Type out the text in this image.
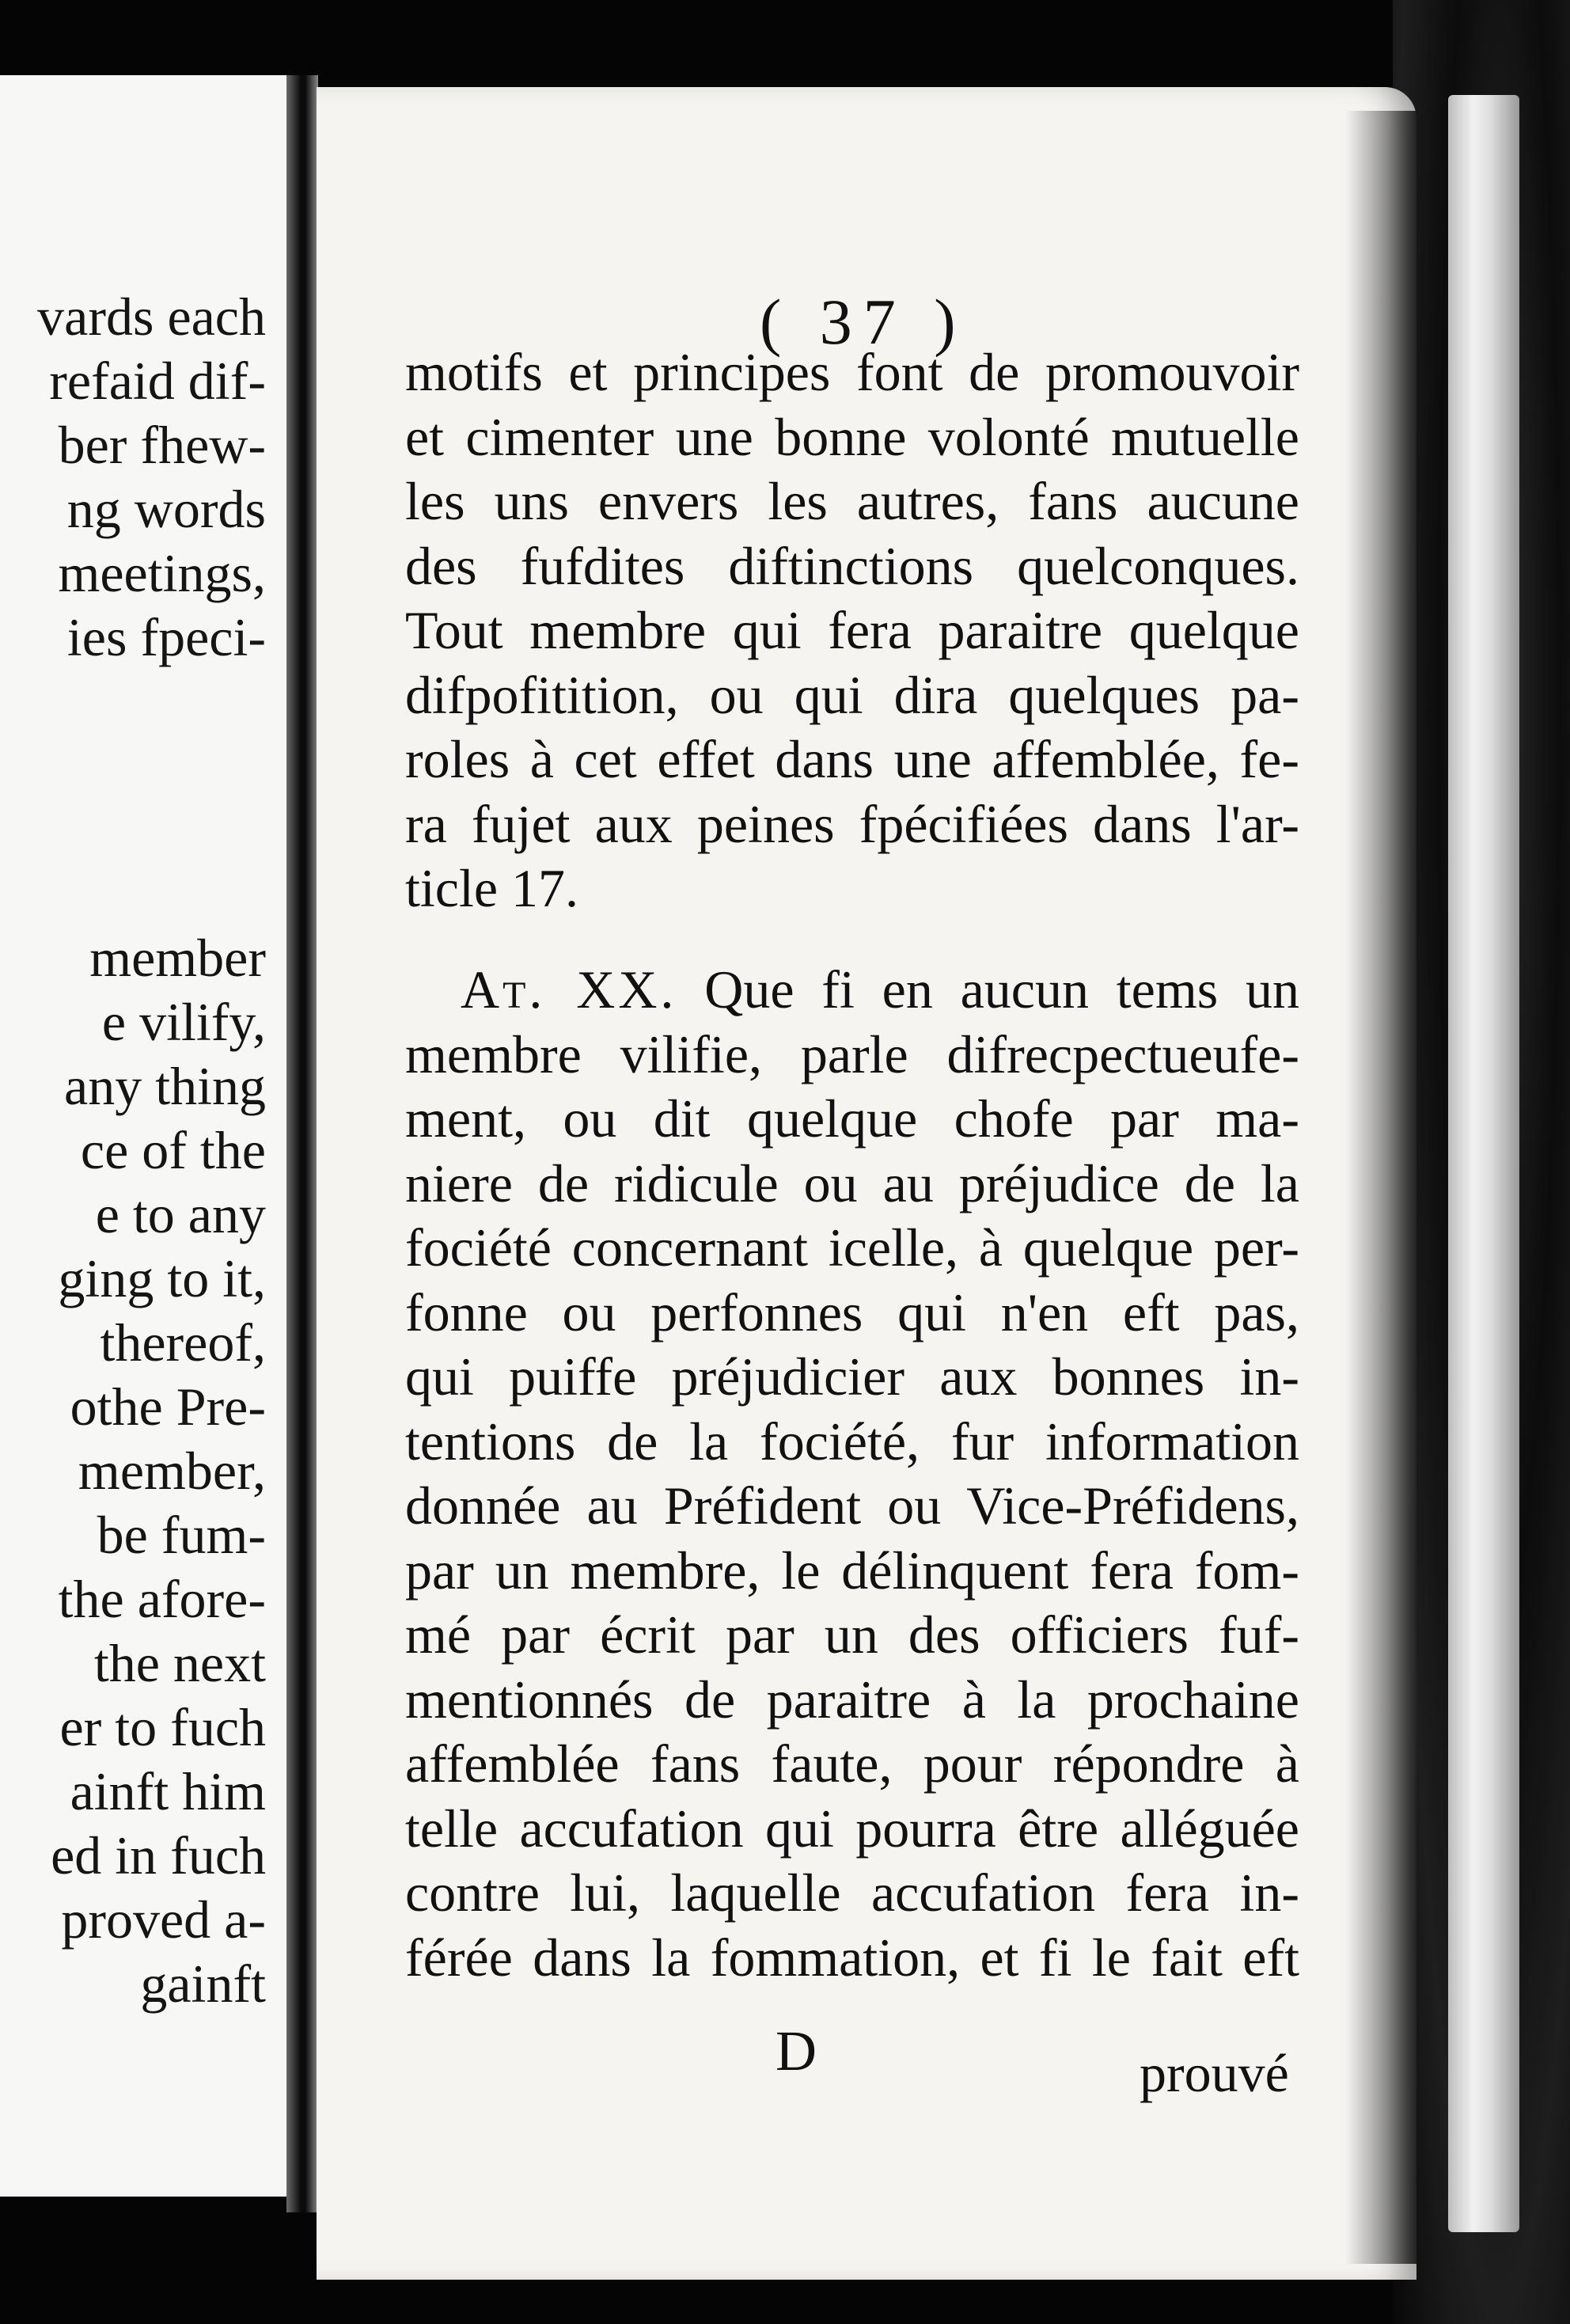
vards each
refaid dif-
ber fhew-
ng words
meetings,
ies fpeci-
member
e vilify,
any thing
ce of the
e to any
ging to it,
thereof,
othe Pre-
member,
be fum-
the afore-
the next
er to fuch
ainft him
ed in fuch
proved a-
gainft
( 37 )
motifs et principes font de promouvoir
et cimenter une bonne volonté mutuelle
les uns envers les autres, fans aucune
des fufdites diftinctions quelconques.
Tout membre qui fera paraitre quelque
difpofitition, ou qui dira quelques pa-
roles à cet effet dans une affemblée, fe-
ra fujet aux peines fpécifiées dans l'ar-
ticle 17.
At. XX. Que fi en aucun tems un
membre vilifie, parle difrecpectueufe-
ment, ou dit quelque chofe par ma-
niere de ridicule ou au préjudice de la
fociété concernant icelle, à quelque per-
fonne ou perfonnes qui n'en eft pas,
qui puiffe préjudicier aux bonnes in-
tentions de la fociété, fur information
donnée au Préfident ou Vice-Préfidens,
par un membre, le délinquent fera fom-
mé par écrit par un des officiers fuf-
mentionnés de paraitre à la prochaine
affemblée fans faute, pour répondre à
telle accufation qui pourra être alléguée
contre lui, laquelle accufation fera in-
férée dans la fommation, et fi le fait eft
D	prouvé
